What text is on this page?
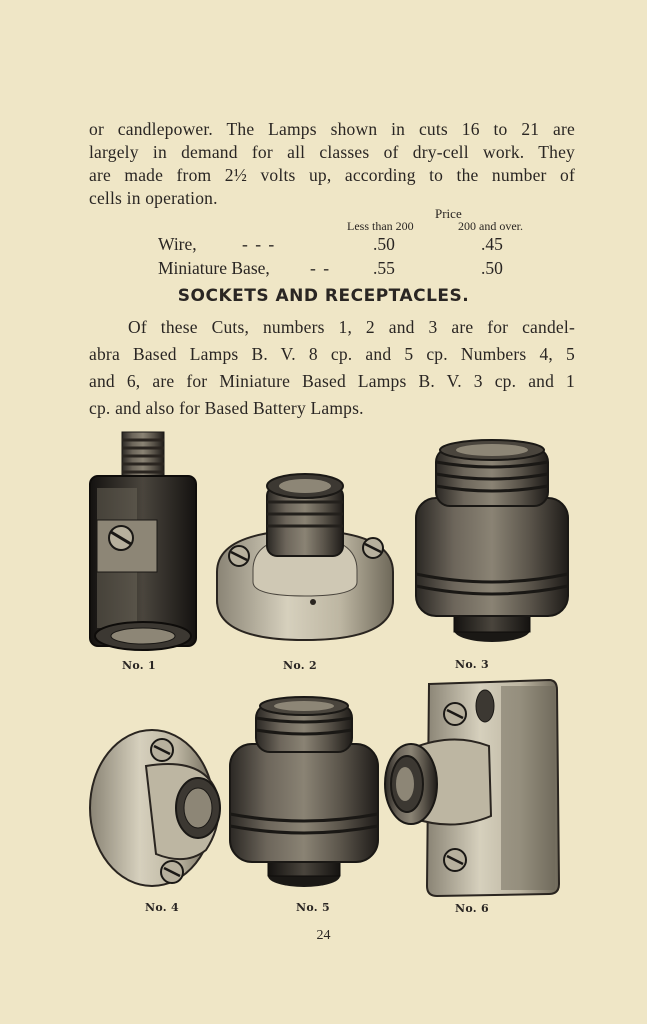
or candlepower. The Lamps shown in cuts 16 to 21 are
largely in demand for all classes of dry-cell work. They
are made from 2½ volts up, according to the number of
cells in operation.
Price
Less than 200	200 and over.
Wire,	- - -	.50	.45
Miniature Base, - -	.55	.50
SOCKETS AND RECEPTACLES.
Of these Cuts, numbers 1, 2 and 3 are for candel-
abra Based Lamps B. V. 8 cp. and 5 cp. Numbers 4, 5
and 6, are for Miniature Based Lamps B. V. 3 cp. and 1
cp. and also for Based Battery Lamps.
No. 1	No. 2	No. 3
No. 4	No. 5	No. 6
24
